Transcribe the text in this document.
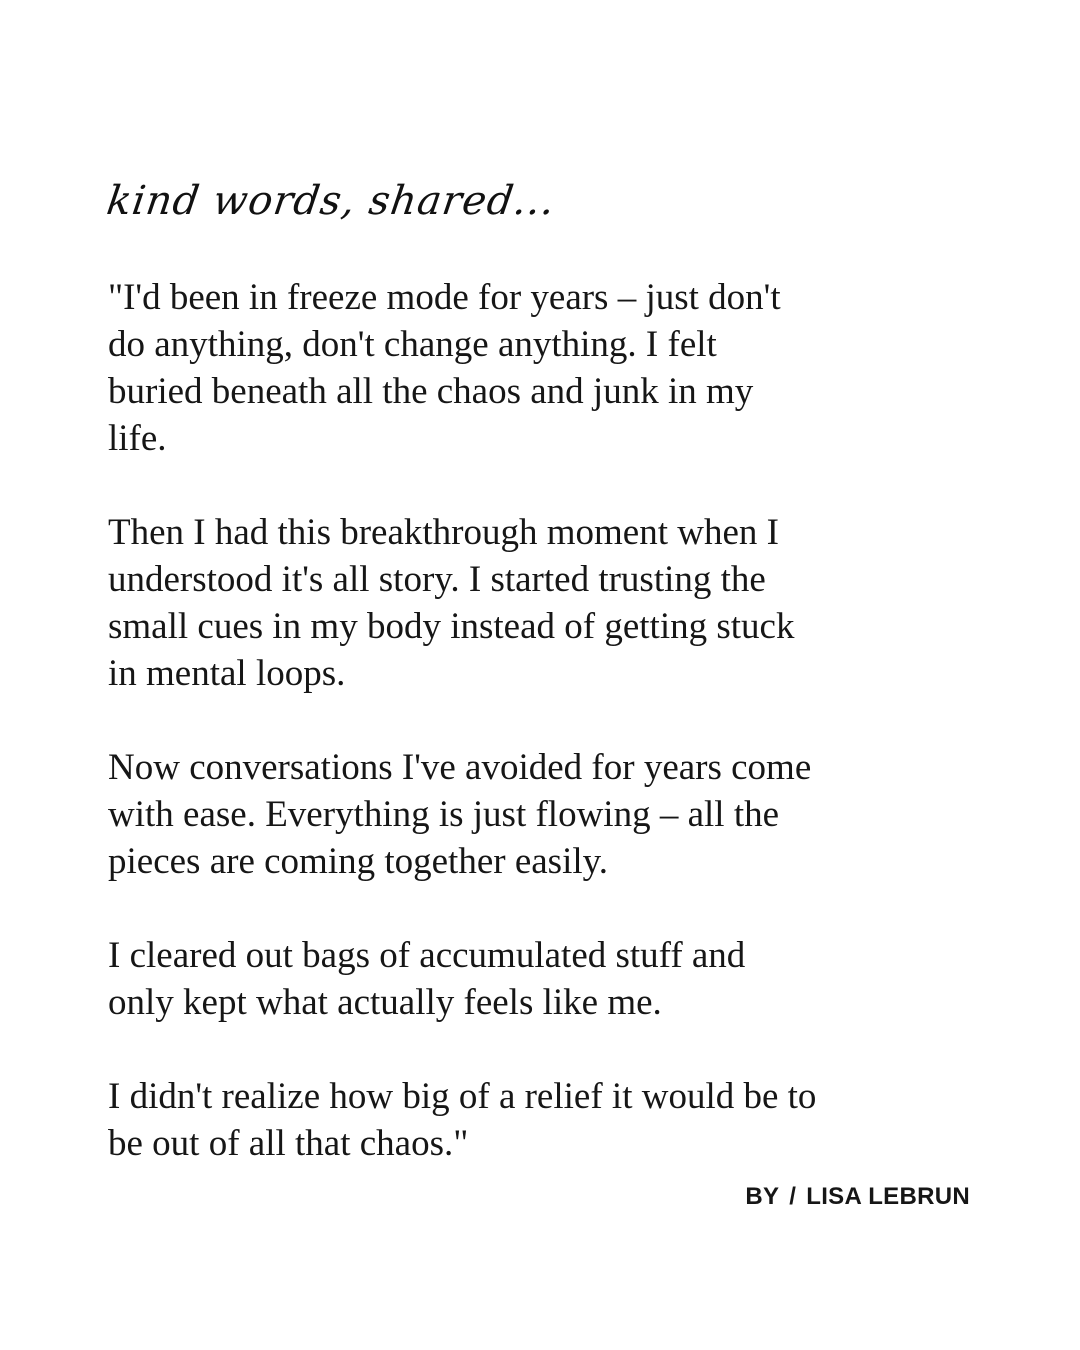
kind words, shared...

"I'd been in freeze mode for years – just don't
do anything, don't change anything. I felt
buried beneath all the chaos and junk in my
life.

Then I had this breakthrough moment when I
understood it's all story. I started trusting the
small cues in my body instead of getting stuck
in mental loops.

Now conversations I've avoided for years come
with ease. Everything is just flowing – all the
pieces are coming together easily.

I cleared out bags of accumulated stuff and
only kept what actually feels like me.

I didn't realize how big of a relief it would be to
be out of all that chaos."

BY / LISA LEBRUN
